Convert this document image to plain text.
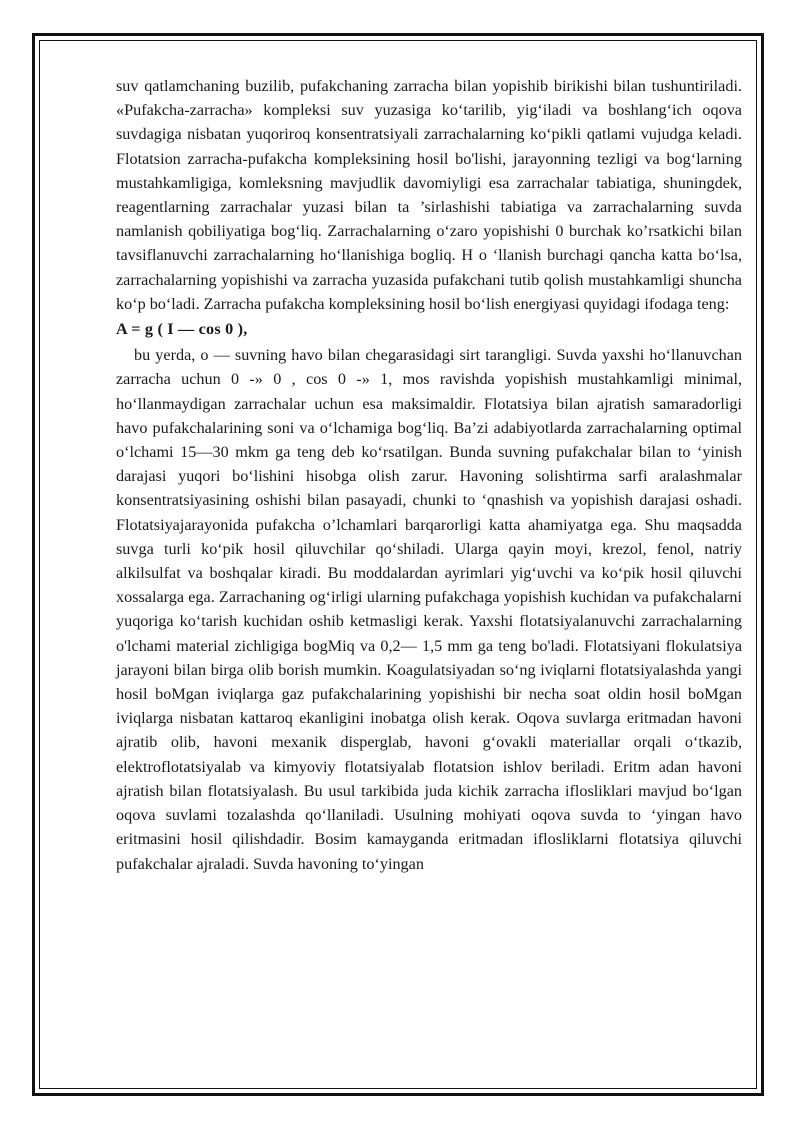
suv qatlamchaning buzilib, pufakchaning zarracha bilan yopishib birikishi bilan tushuntiriladi. «Pufakcha-zarracha» kompleksi suv yuzasiga ko‘tarilib, yig‘iladi va boshlang‘ich oqova suvdagiga nisbatan yuqoriroq konsentratsiyali zarrachalarning ko‘pikli qatlami vujudga keladi. Flotatsion zarracha-pufakcha kompleksining hosil bo'lishi, jarayonning tezligi va bog‘larning mustahkamligiga, komleksning mavjudlik davomiyligi esa zarrachalar tabiatiga, shuningdek, reagentlarning zarrachalar yuzasi bilan ta ’sirlashishi tabiatiga va zarrachalarning suvda namlanish qobiliyatiga bog‘liq. Zarrachalarning o‘zaro yopishishi 0 burchak ko’rsatkichi bilan tavsiflanuvchi zarrachalarning ho‘llanishiga bogliq. H o ‘llanish burchagi qancha katta bo‘lsa, zarrachalarning yopishishi va zarracha yuzasida pufakchani tutib qolish mustahkamligi shuncha ko‘p bo‘ladi. Zarracha pufakcha kompleksining hosil bo‘lish energiyasi quyidagi ifodaga teng:

A = g ( I — cos 0 ),

bu yerda, o — suvning havo bilan chegarasidagi sirt tarangligi. Suvda yaxshi ho‘llanuvchan zarracha uchun 0 -» 0 , cos 0 -» 1, mos ravishda yopishish mustahkamligi minimal, ho‘llanmaydigan zarrachalar uchun esa maksimaldir. Flotatsiya bilan ajratish samaradorligi havo pufakchalarining soni va o‘lchamiga bog‘liq. Ba’zi adabiyotlarda zarrachalarning optimal o‘lchami 15—30 mkm ga teng deb ko‘rsatilgan. Bunda suvning pufakchalar bilan to ‘yinish darajasi yuqori bo‘lishini hisobga olish zarur. Havoning solishtirma sarfi aralashmalar konsentratsiyasining oshishi bilan pasayadi, chunki to ‘qnashish va yopishish darajasi oshadi. Flotatsiyajarayonida pufakcha o’lchamlari barqarorligi katta ahamiyatga ega. Shu maqsadda suvga turli ko‘pik hosil qiluvchilar qo‘shiladi. Ularga qayin moyi, krezol, fenol, natriy alkilsulfat va boshqalar kiradi. Bu moddalardan ayrimlari yig‘uvchi va ko‘pik hosil qiluvchi xossalarga ega. Zarrachaning og‘irligi ularning pufakchaga yopishish kuchidan va pufakchalarni yuqoriga ko‘tarish kuchidan oshib ketmasligi kerak. Yaxshi flotatsiyalanuvchi zarrachalarning o'lchami material zichligiga bogMiq va 0,2— 1,5 mm ga teng bo'ladi. Flotatsiyani flokulatsiya jarayoni bilan birga olib borish mumkin. Koagulatsiyadan so‘ng iviqlarni flotatsiyalashda yangi hosil boMgan iviqlarga gaz pufakchalarining yopishishi bir necha soat oldin hosil boMgan iviqlarga nisbatan kattaroq ekanligini inobatga olish kerak. Oqova suvlarga eritmadan havoni ajratib olib, havoni mexanik disperglab, havoni g‘ovakli materiallar orqali o‘tkazib, elektroflotatsiyalab va kimyoviy flotatsiyalab flotatsion ishlov beriladi. Eritm adan havoni ajratish bilan flotatsiyalash. Bu usul tarkibida juda kichik zarracha iflosliklari mavjud bo‘lgan oqova suvlami tozalashda qo‘llaniladi. Usulning mohiyati oqova suvda to ‘yingan havo eritmasini hosil qilishdadir. Bosim kamayganda eritmadan iflosliklarni flotatsiya qiluvchi pufakchalar ajraladi. Suvda havoning to‘yingan
